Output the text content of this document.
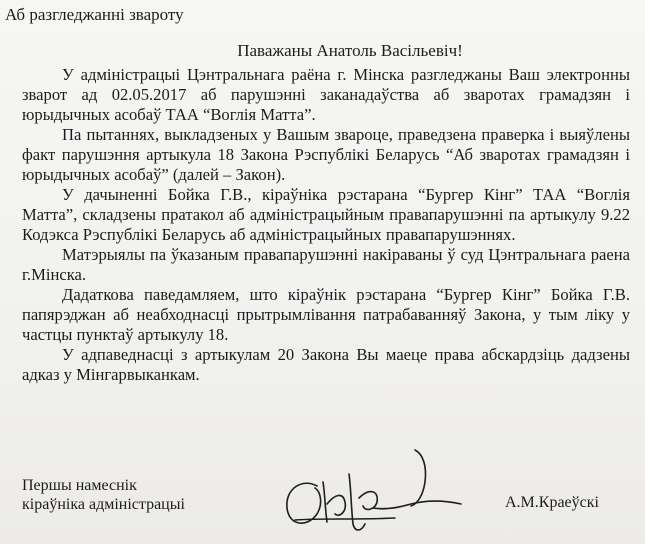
Аб разгледжанні звароту
Паважаны Анатоль Васільевіч!

У адміністрацыі Цэнтральнага раёна г. Мінска разгледжаны Ваш электронны зварот ад 02.05.2017 аб парушэнні заканадаўства аб зваротах грамадзян і юрыдычных асобаў ТАА “Воглія Матта”.

Па пытаннях, выкладзеных у Вашым звароце, праведзена праверка і выяўлены факт парушэння артыкула 18 Закона Рэспублікі Беларусь “Аб зваротах грамадзян і юрыдычных асобаў” (далей – Закон).

У дачыненні Бойка Г.В., кіраўніка рэстарана “Бургер Кінг” ТАА “Воглія Матта”, складзены пратакол аб адміністрацыйным правапарушэнні па артыкулу 9.22 Кодэкса Рэспублікі Беларусь аб адміністрацыйных правапарушэннях.

Матэрыялы па ўказаным правапарушэнні накіраваны ў суд Цэнтральнага раена г.Мінска.

Дадаткова паведамляем, што кіраўнік рэстарана “Бургер Кінг” Бойка Г.В. папярэджан аб неабходнасці прытрымлівання патрабаванняў Закона, у тым ліку у частцы пунктаў артыкулу 18.

У адпаведнасці з артыкулам 20 Закона Вы маеце права абскардзіць дадзены адказ у Мінгарвыканкам.

Першы намеснік
кіраўніка адміністрацыі	А.М.Краеўскі
